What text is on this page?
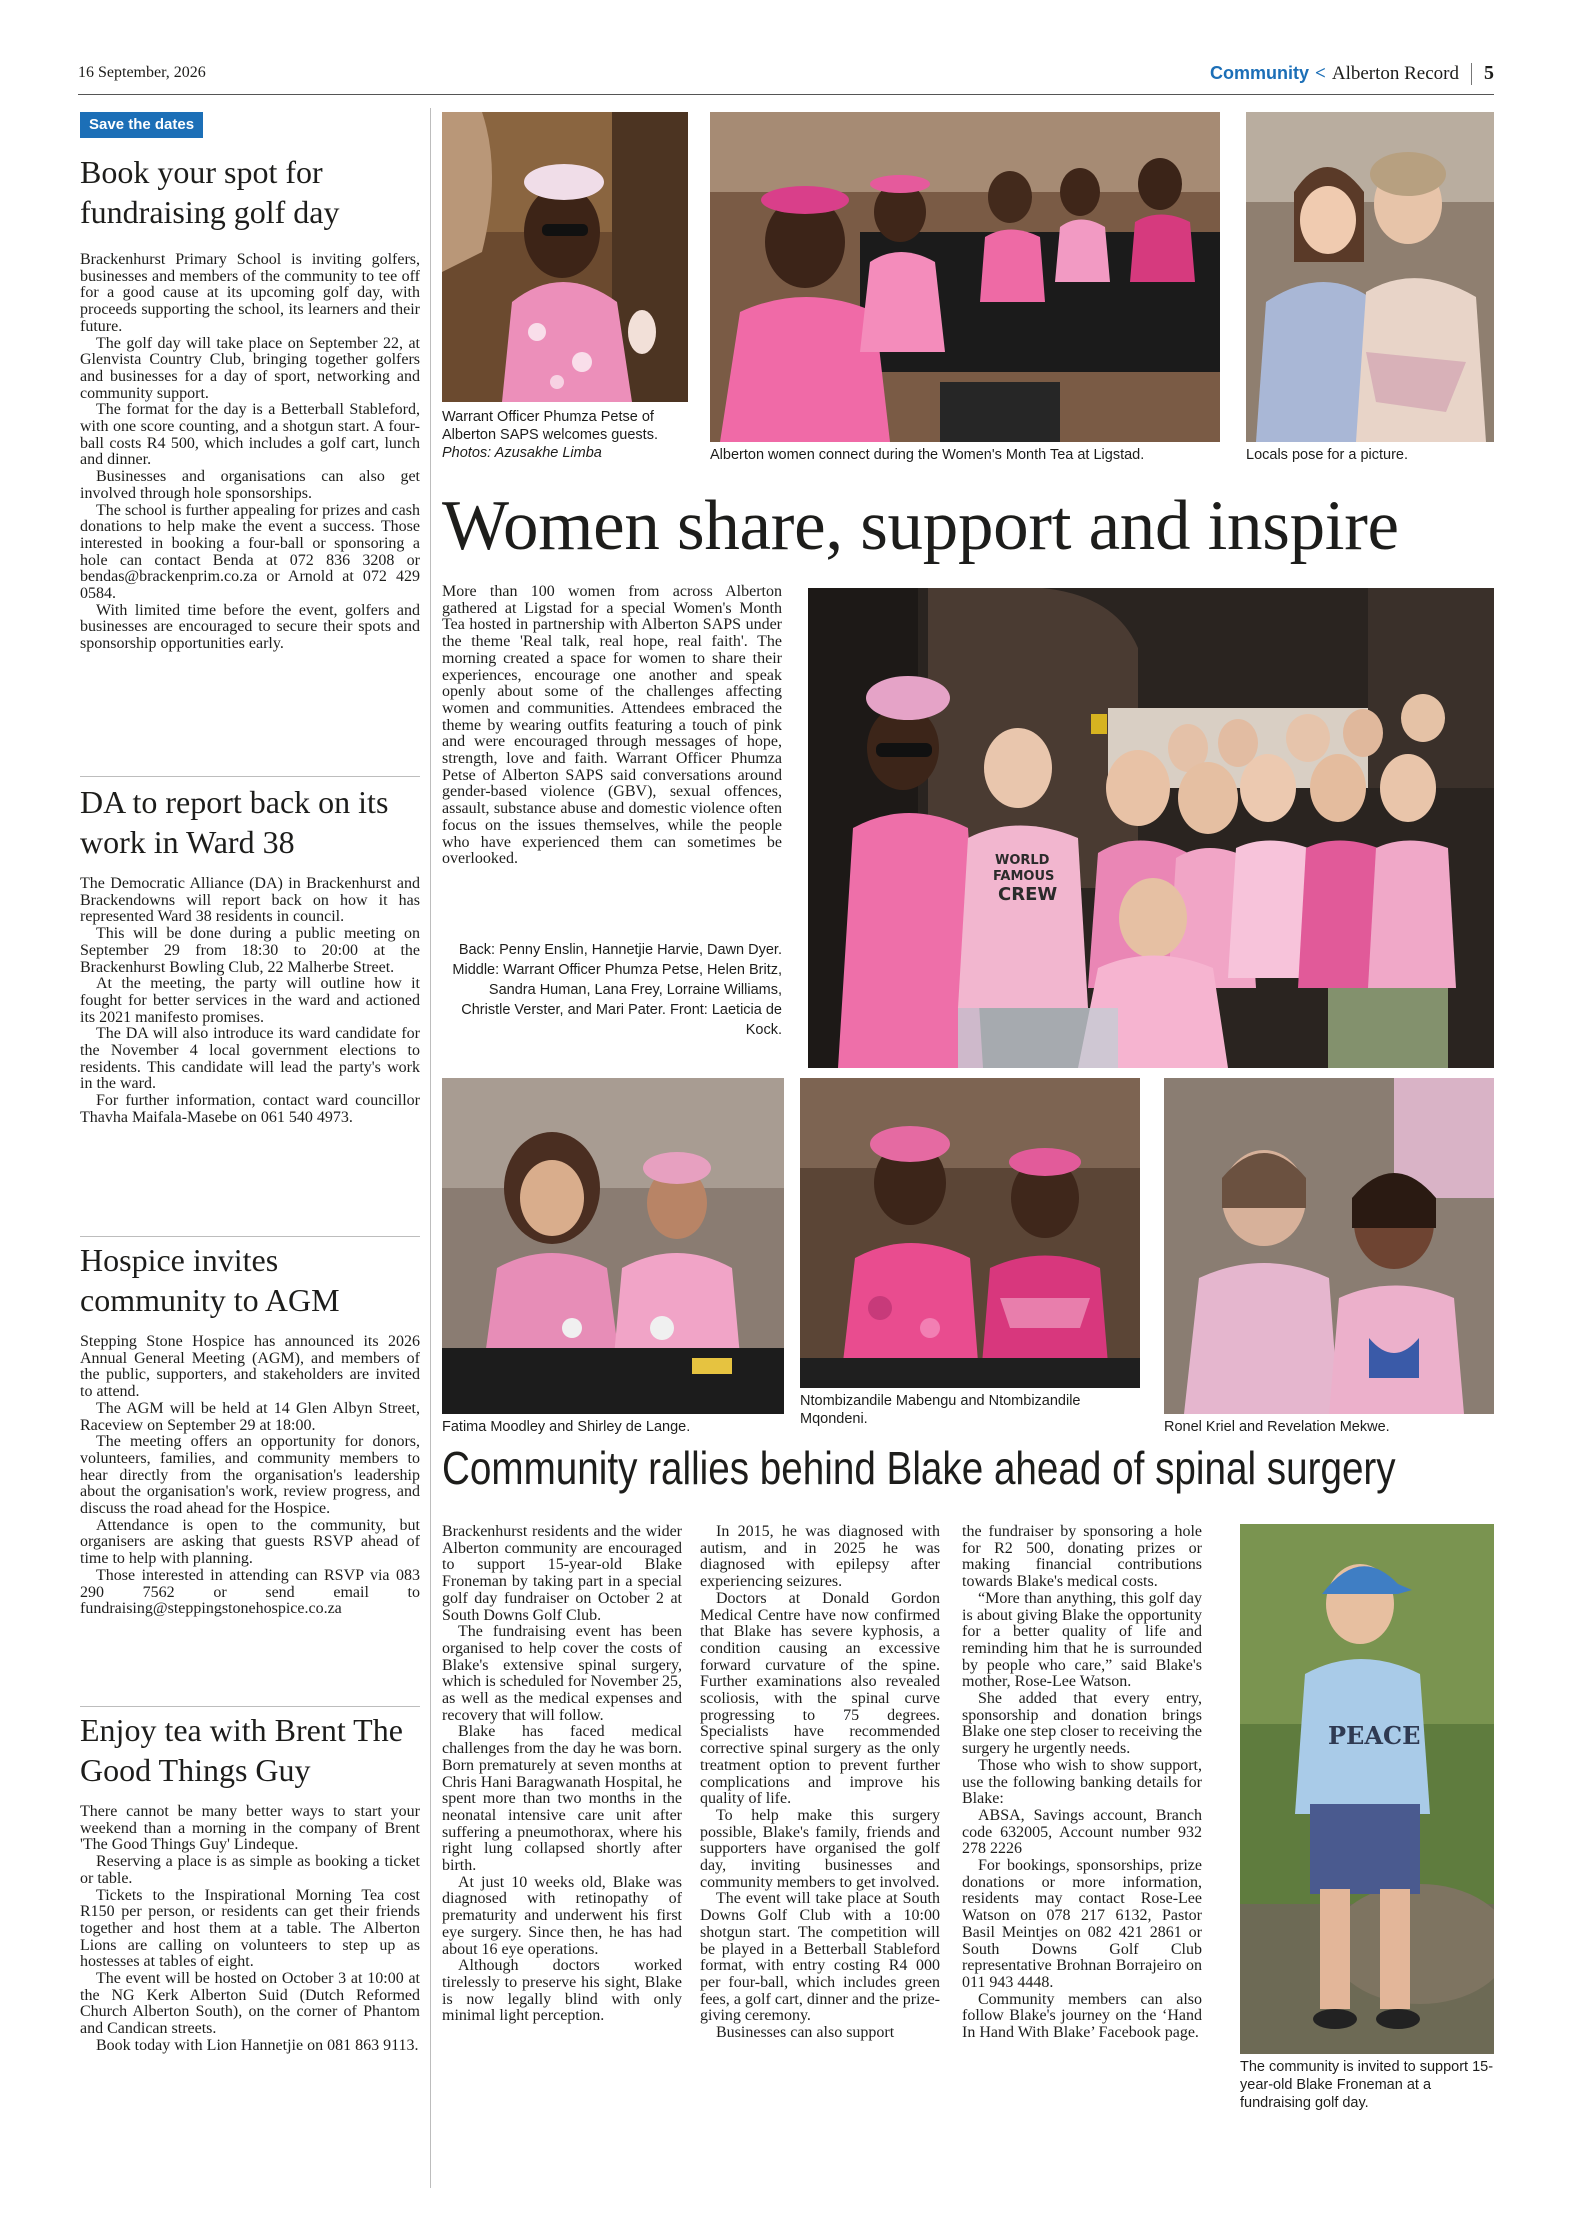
16 September, 2026	Community < Alberton Record 5
Save the dates
Book your spot for fundraising golf day

Brackenhurst Primary School is inviting golfers, businesses and members of the community to tee off for a good cause at its upcoming golf day, with proceeds supporting the school, its learners and their future.

The golf day will take place on September 22, at Glenvista Country Club, bringing together golfers and businesses for a day of sport, networking and community support.

The format for the day is a Betterball Stableford, with one score counting, and a shotgun start. A four-ball costs R4 500, which includes a golf cart, lunch and dinner.

Businesses and organisations can also get involved through hole sponsorships.

The school is further appealing for prizes and cash donations to help make the event a success. Those interested in booking a four-ball or sponsoring a hole can contact Benda at 072 836 3208 or bendas@brackenprim.co.za or Arnold at 072 429 0584.

With limited time before the event, golfers and businesses are encouraged to secure their spots and sponsorship opportunities early.

DA to report back on its work in Ward 38

The Democratic Alliance (DA) in Brackenhurst and Brackendowns will report back on how it has represented Ward 38 residents in council.

This will be done during a public meeting on September 29 from 18:30 to 20:00 at the Brackenhurst Bowling Club, 22 Malherbe Street.

At the meeting, the party will outline how it fought for better services in the ward and actioned its 2021 manifesto promises.

The DA will also introduce its ward candidate for the November 4 local government elections to residents. This candidate will lead the party's work in the ward.

For further information, contact ward councillor Thavha Maifala-Masebe on 061 540 4973.

Hospice invites community to AGM

Stepping Stone Hospice has announced its 2026 Annual General Meeting (AGM), and members of the public, supporters, and stakeholders are invited to attend.

The AGM will be held at 14 Glen Albyn Street, Raceview on September 29 at 18:00.

The meeting offers an opportunity for donors, volunteers, families, and community members to hear directly from the organisation's leadership about the organisation's work, review progress, and discuss the road ahead for the Hospice.

Attendance is open to the community, but organisers are asking that guests RSVP ahead of time to help with planning.

Those interested in attending can RSVP via 083 290 7562 or send email to fundraising@steppingstonehospice.co.za

Enjoy tea with Brent The Good Things Guy

There cannot be many better ways to start your weekend than a morning in the company of Brent 'The Good Things Guy' Lindeque.

Reserving a place is as simple as booking a ticket or table.

Tickets to the Inspirational Morning Tea cost R150 per person, or residents can get their friends together and host them at a table. The Alberton Lions are calling on volunteers to step up as hostesses at tables of eight.

The event will be hosted on October 3 at 10:00 at the NG Kerk Alberton Suid (Dutch Reformed Church Alberton South), on the corner of Phantom and Candican streets.

Book today with Lion Hannetjie on 081 863 9113.

Warrant Officer Phumza Petse of Alberton SAPS welcomes guests. Photos: Azusakhe Limba	Alberton women connect during the Women's Month Tea at Ligstad.	Locals pose for a picture.
Women share, support and inspire

More than 100 women from across Alberton gathered at Ligstad for a special Women's Month Tea hosted in partnership with Alberton SAPS under the theme 'Real talk, real hope, real faith'. The morning created a space for women to share their experiences, encourage one another and speak openly about some of the challenges affecting women and communities. Attendees embraced the theme by wearing outfits featuring a touch of pink and were encouraged through messages of hope, strength, love and faith. Warrant Officer Phumza Petse of Alberton SAPS said conversations around gender-based violence (GBV), sexual offences, assault, substance abuse and domestic violence often focus on the issues themselves, while the people who have experienced them can sometimes be overlooked.

Back: Penny Enslin, Hannetjie Harvie, Dawn Dyer. Middle: Warrant Officer Phumza Petse, Helen Britz, Sandra Human, Lana Frey, Lorraine Williams, Christle Verster, and Mari Pater. Front: Laeticia de Kock.
WORLD
FAMOUS
CREW
Fatima Moodley and Shirley de Lange.
Ntombizandile Mabengu and Ntombizandile Mqondeni.	Ronel Kriel and Revelation Mekwe.
Community rallies behind Blake ahead of spinal surgery

Brackenhurst residents and the wider Alberton community are encouraged to support 15-year-old Blake Froneman by taking part in a special golf day fundraiser on October 2 at South Downs Golf Club.

The fundraising event has been organised to help cover the costs of Blake's extensive spinal surgery, which is scheduled for November 25, as well as the medical expenses and recovery that will follow.

Blake has faced medical challenges from the day he was born. Born prematurely at seven months at Chris Hani Baragwanath Hospital, he spent more than two months in the neonatal intensive care unit after suffering a pneumothorax, where his right lung collapsed shortly after birth.

At just 10 weeks old, Blake was diagnosed with retinopathy of prematurity and underwent his first eye surgery. Since then, he has had about 16 eye operations.

Although doctors worked tirelessly to preserve his sight, Blake is now legally blind with only minimal light perception.

In 2015, he was diagnosed with autism, and in 2025 he was diagnosed with epilepsy after experiencing seizures.

Doctors at Donald Gordon Medical Centre have now confirmed that Blake has severe kyphosis, a condition causing an excessive forward curvature of the spine. Further examinations also revealed scoliosis, with the spinal curve progressing to 75 degrees. Specialists have recommended corrective spinal surgery as the only treatment option to prevent further complications and improve his quality of life.

To help make this surgery possible, Blake's family, friends and supporters have organised the golf day, inviting businesses and community members to get involved.

The event will take place at South Downs Golf Club with a 10:00 shotgun start. The competition will be played in a Betterball Stableford format, with entry costing R4 000 per four-ball, which includes green fees, a golf cart, dinner and the prize-giving ceremony.

Businesses can also support

the fundraiser by sponsoring a hole for R2 500, donating prizes or making financial contributions towards Blake's medical costs.

“More than anything, this golf day is about giving Blake the opportunity for a better quality of life and reminding him that he is surrounded by people who care,” said Blake's mother, Rose-Lee Watson.

She added that every entry, sponsorship and donation brings Blake one step closer to receiving the surgery he urgently needs.

Those who wish to show support, use the following banking details for Blake:

ABSA, Savings account, Branch code 632005, Account number 932 278 2226

For bookings, sponsorships, prize donations or more information, residents may contact Rose-Lee Watson on 078 217 6132, Pastor Basil Meintjes on 082 421 2861 or South Downs Golf Club representative Brohnan Borrajeiro on 011 943 4448.

Community members can also follow Blake's journey on the ‘Hand In Hand With Blake’ Facebook page.

PEACE
The community is invited to support 15-year-old Blake Froneman at a fundraising golf day.
